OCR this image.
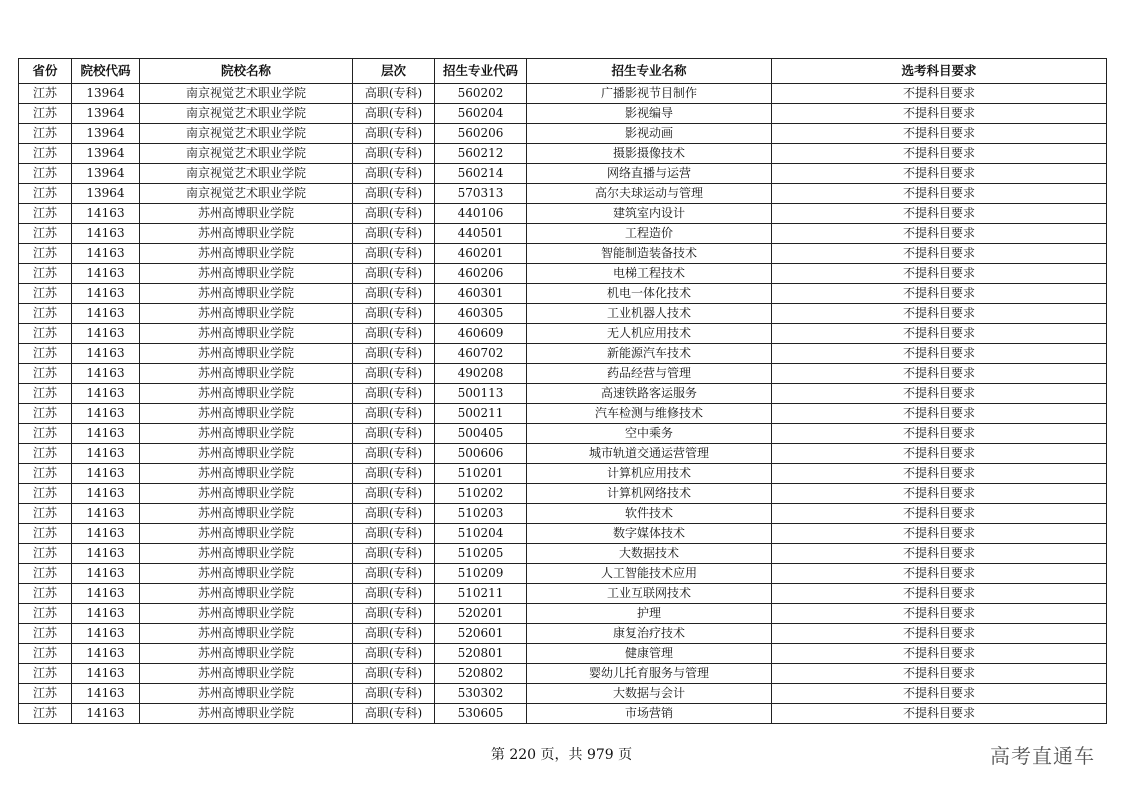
省份	院校代码	院校名称	层次	招生专业代码	招生专业名称	选考科目要求
江苏	13964	南京视觉艺术职业学院	高职(专科)	560202	广播影视节目制作	不提科目要求
江苏	13964	南京视觉艺术职业学院	高职(专科)	560204	影视编导	不提科目要求
江苏	13964	南京视觉艺术职业学院	高职(专科)	560206	影视动画	不提科目要求
江苏	13964	南京视觉艺术职业学院	高职(专科)	560212	摄影摄像技术	不提科目要求
江苏	13964	南京视觉艺术职业学院	高职(专科)	560214	网络直播与运营	不提科目要求
江苏	13964	南京视觉艺术职业学院	高职(专科)	570313	高尔夫球运动与管理	不提科目要求
江苏	14163	苏州高博职业学院	高职(专科)	440106	建筑室内设计	不提科目要求
江苏	14163	苏州高博职业学院	高职(专科)	440501	工程造价	不提科目要求
江苏	14163	苏州高博职业学院	高职(专科)	460201	智能制造装备技术	不提科目要求
江苏	14163	苏州高博职业学院	高职(专科)	460206	电梯工程技术	不提科目要求
江苏	14163	苏州高博职业学院	高职(专科)	460301	机电一体化技术	不提科目要求
江苏	14163	苏州高博职业学院	高职(专科)	460305	工业机器人技术	不提科目要求
江苏	14163	苏州高博职业学院	高职(专科)	460609	无人机应用技术	不提科目要求
江苏	14163	苏州高博职业学院	高职(专科)	460702	新能源汽车技术	不提科目要求
江苏	14163	苏州高博职业学院	高职(专科)	490208	药品经营与管理	不提科目要求
江苏	14163	苏州高博职业学院	高职(专科)	500113	高速铁路客运服务	不提科目要求
江苏	14163	苏州高博职业学院	高职(专科)	500211	汽车检测与维修技术	不提科目要求
江苏	14163	苏州高博职业学院	高职(专科)	500405	空中乘务	不提科目要求
江苏	14163	苏州高博职业学院	高职(专科)	500606	城市轨道交通运营管理	不提科目要求
江苏	14163	苏州高博职业学院	高职(专科)	510201	计算机应用技术	不提科目要求
江苏	14163	苏州高博职业学院	高职(专科)	510202	计算机网络技术	不提科目要求
江苏	14163	苏州高博职业学院	高职(专科)	510203	软件技术	不提科目要求
江苏	14163	苏州高博职业学院	高职(专科)	510204	数字媒体技术	不提科目要求
江苏	14163	苏州高博职业学院	高职(专科)	510205	大数据技术	不提科目要求
江苏	14163	苏州高博职业学院	高职(专科)	510209	人工智能技术应用	不提科目要求
江苏	14163	苏州高博职业学院	高职(专科)	510211	工业互联网技术	不提科目要求
江苏	14163	苏州高博职业学院	高职(专科)	520201	护理	不提科目要求
江苏	14163	苏州高博职业学院	高职(专科)	520601	康复治疗技术	不提科目要求
江苏	14163	苏州高博职业学院	高职(专科)	520801	健康管理	不提科目要求
江苏	14163	苏州高博职业学院	高职(专科)	520802	婴幼儿托育服务与管理	不提科目要求
江苏	14163	苏州高博职业学院	高职(专科)	530302	大数据与会计	不提科目要求
江苏	14163	苏州高博职业学院	高职(专科)	530605	市场营销	不提科目要求
第 220 页，共 979 页	高考直通车
